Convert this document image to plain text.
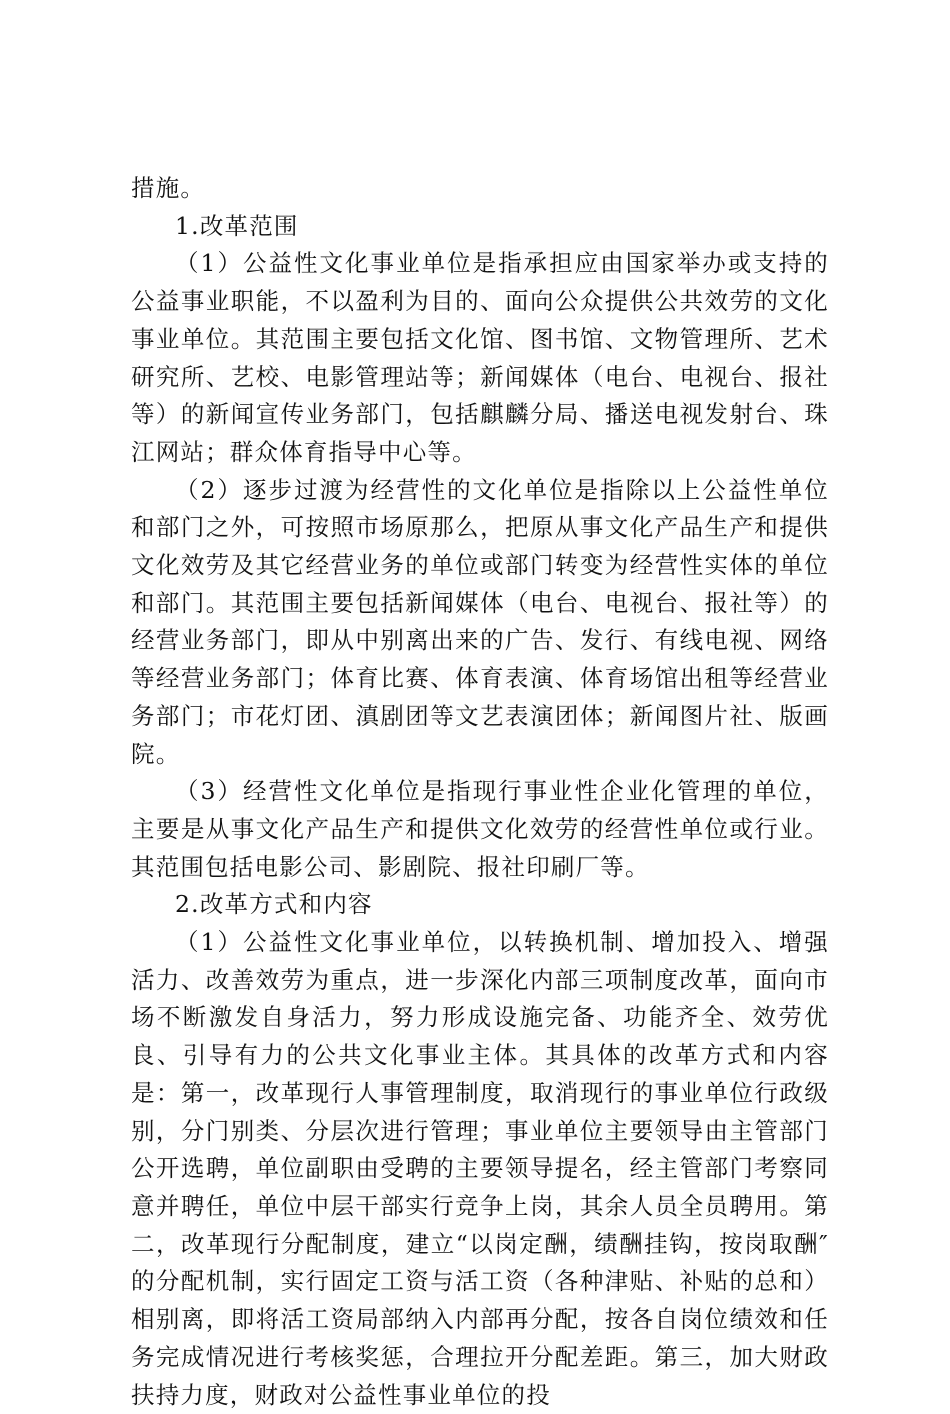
措施。

1.改革范围

（1）公益性文化事业单位是指承担应由国家举办或支持的公益事业职能，不以盈利为目的、面向公众提供公共效劳的文化事业单位。其范围主要包括文化馆、图书馆、文物管理所、艺术研究所、艺校、电影管理站等；新闻媒体（电台、电视台、报社等）的新闻宣传业务部门，包括麒麟分局、播送电视发射台、珠江网站；群众体育指导中心等。

（2）逐步过渡为经营性的文化单位是指除以上公益性单位和部门之外，可按照市场原那么，把原从事文化产品生产和提供文化效劳及其它经营业务的单位或部门转变为经营性实体的单位和部门。其范围主要包括新闻媒体（电台、电视台、报社等）的经营业务部门，即从中别离出来的广告、发行、有线电视、网络等经营业务部门；体育比赛、体育表演、体育场馆出租等经营业务部门；市花灯团、滇剧团等文艺表演团体；新闻图片社、版画院。

（3）经营性文化单位是指现行事业性企业化管理的单位，主要是从事文化产品生产和提供文化效劳的经营性单位或行业。其范围包括电影公司、影剧院、报社印刷厂等。

2.改革方式和内容

（1）公益性文化事业单位，以转换机制、增加投入、增强活力、改善效劳为重点，进一步深化内部三项制度改革，面向市场不断激发自身活力，努力形成设施完备、功能齐全、效劳优良、引导有力的公共文化事业主体。其具体的改革方式和内容是：第一，改革现行人事管理制度，取消现行的事业单位行政级别，分门别类、分层次进行管理；事业单位主要领导由主管部门公开选聘，单位副职由受聘的主要领导提名，经主管部门考察同意并聘任，单位中层干部实行竞争上岗，其余人员全员聘用。第二，改革现行分配制度，建立“以岗定酬，绩酬挂钩，按岗取酬″的分配机制，实行固定工资与活工资（各种津贴、补贴的总和）相别离，即将活工资局部纳入内部再分配，按各自岗位绩效和任务完成情况进行考核奖惩，合理拉开分配差距。第三，加大财政扶持力度，财政对公益性事业单位的投
